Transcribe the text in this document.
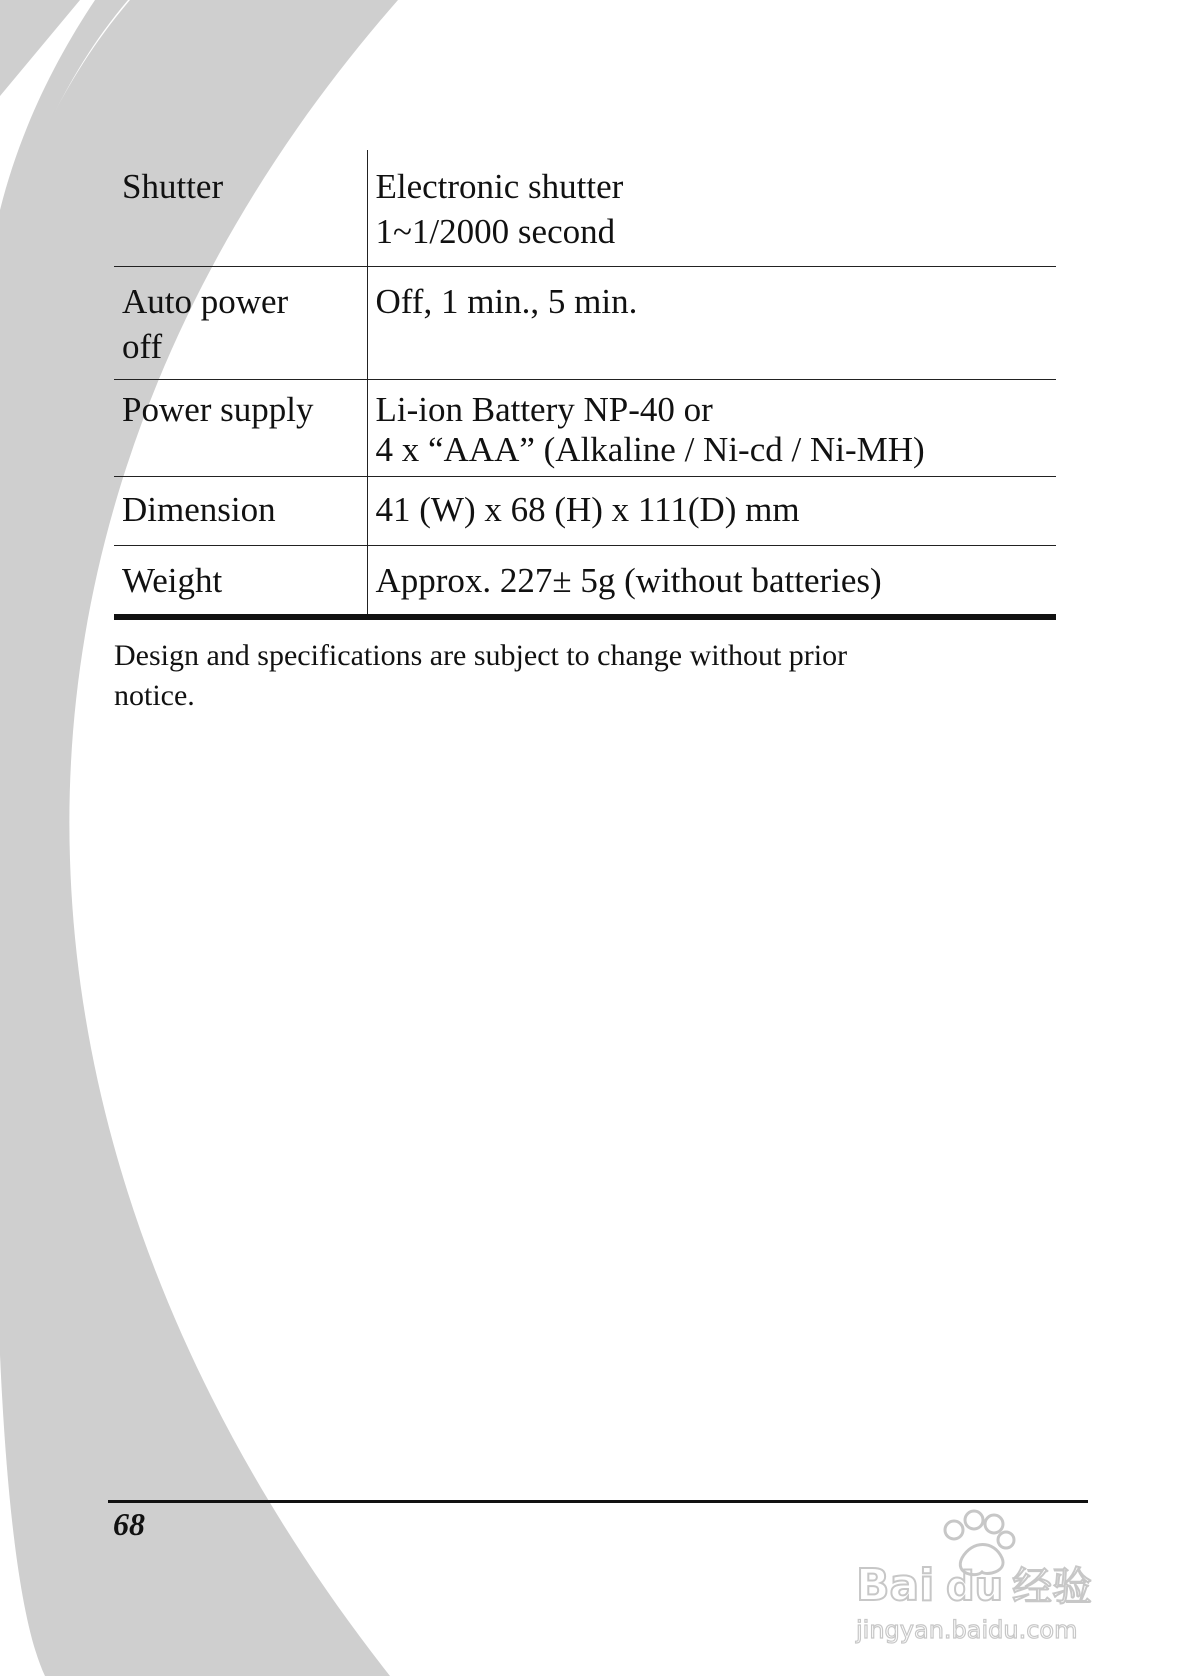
Shutter	Electronic shutter
1~1/2000 second

Auto power
off	Off, 1 min., 5 min.

Power supply	Li-ion Battery NP-40 or
4 x “AAA” (Alkaline / Ni-cd / Ni-MH)

Dimension	41 (W) x 68 (H) x 111(D) mm

Weight	Approx. 227± 5g (without batteries)
Design and specifications are subject to change without prior
notice.
68
Bai du 经验
jingyan.baidu.com
